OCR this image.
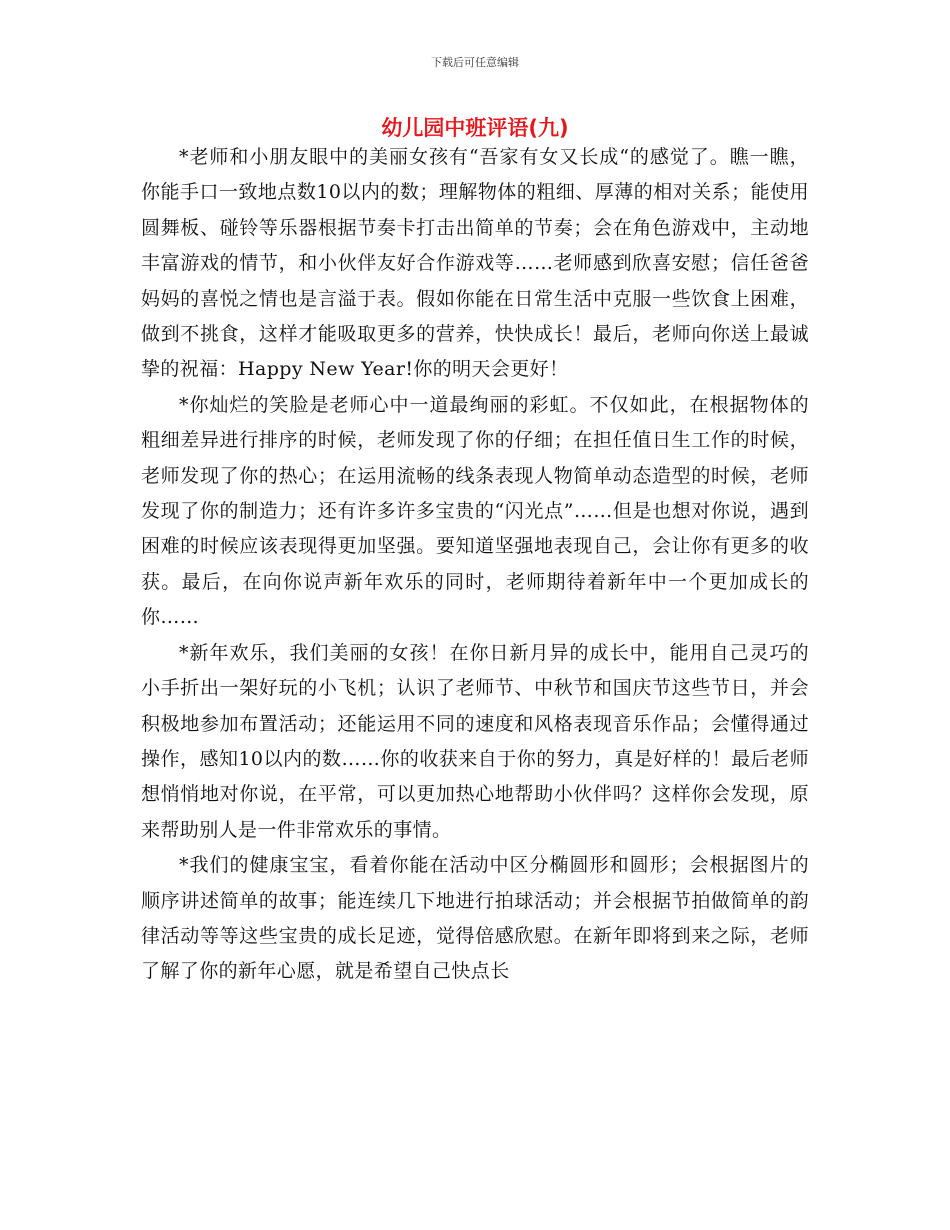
下载后可任意编辑
幼儿园中班评语(九)

*老师和小朋友眼中的美丽女孩有“吾家有女又长成“的感觉了。瞧一瞧，你能手口一致地点数10以内的数；理解物体的粗细、厚薄的相对关系；能使用圆舞板、碰铃等乐器根据节奏卡打击出简单的节奏；会在角色游戏中，主动地丰富游戏的情节，和小伙伴友好合作游戏等……老师感到欣喜安慰；信任爸爸妈妈的喜悦之情也是言溢于表。假如你能在日常生活中克服一些饮食上困难，做到不挑食，这样才能吸取更多的营养，快快成长！最后，老师向你送上最诚挚的祝福：Happy New Year!你的明天会更好！

*你灿烂的笑脸是老师心中一道最绚丽的彩虹。不仅如此，在根据物体的粗细差异进行排序的时候，老师发现了你的仔细；在担任值日生工作的时候，老师发现了你的热心；在运用流畅的线条表现人物简单动态造型的时候，老师发现了你的制造力；还有许多许多宝贵的“闪光点”……但是也想对你说，遇到困难的时候应该表现得更加坚强。要知道坚强地表现自己，会让你有更多的收获。最后，在向你说声新年欢乐的同时，老师期待着新年中一个更加成长的你……

*新年欢乐，我们美丽的女孩！在你日新月异的成长中，能用自己灵巧的小手折出一架好玩的小飞机；认识了老师节、中秋节和国庆节这些节日，并会积极地参加布置活动；还能运用不同的速度和风格表现音乐作品；会懂得通过操作，感知10以内的数……你的收获来自于你的努力，真是好样的！最后老师想悄悄地对你说，在平常，可以更加热心地帮助小伙伴吗？这样你会发现，原来帮助别人是一件非常欢乐的事情。

*我们的健康宝宝，看着你能在活动中区分椭圆形和圆形；会根据图片的顺序讲述简单的故事；能连续几下地进行拍球活动；并会根据节拍做简单的韵律活动等等这些宝贵的成长足迹，觉得倍感欣慰。在新年即将到来之际，老师了解了你的新年心愿，就是希望自己快点长
